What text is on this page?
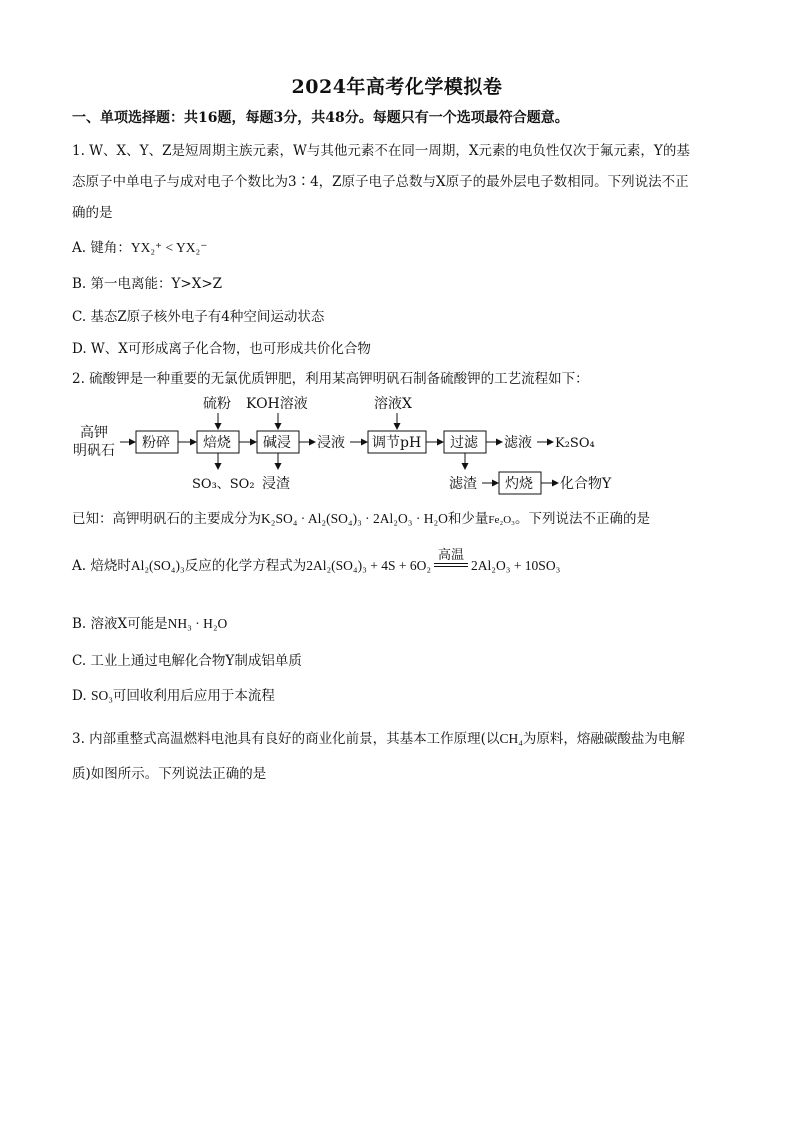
2024年高考化学模拟卷
一、单项选择题：共16题，每题3分，共48分。每题只有一个选项最符合题意。
1. W、X、Y、Z是短周期主族元素，W与其他元素不在同一周期，X元素的电负性仅次于氟元素，Y的基
态原子中单电子与成对电子个数比为3∶4，Z原子电子总数与X原子的最外层电子数相同。下列说法不正
确的是
A. 键角：YX₂⁺ < YX₂⁻
B. 第一电离能：Y>X>Z
C. 基态Z原子核外电子有4种空间运动状态
D. W、X可形成离子化合物，也可形成共价化合物
2. 硫酸钾是一种重要的无氯优质钾肥，利用某高钾明矾石制备硫酸钾的工艺流程如下：
高钾
明矾石 粉碎 焙烧
硫粉
SO₃、SO₂
碱浸
KOH溶液
浸渣
浸液 调节pH
溶液X
过滤 滤液 K₂SO₄
滤渣 灼烧 化合物Y
已知：高钾明矾石的主要成分为K₂SO₄ · Al₂(SO₄)₃ · 2Al₂O₃ · H₂O和少量Fe₂O₃。下列说法不正确的是
A. 焙烧时Al₂(SO₄)₃反应的化学方程式为2Al₂(SO₄)₃ + 4S + 6O₂
高温
2Al₂O₃ + 10SO₃
B. 溶液X可能是NH₃ · H₂O
C. 工业上通过电解化合物Y制成铝单质
D. SO₃可回收利用后应用于本流程
3. 内部重整式高温燃料电池具有良好的商业化前景，其基本工作原理(以CH₄为原料，熔融碳酸盐为电解
质)如图所示。下列说法正确的是
